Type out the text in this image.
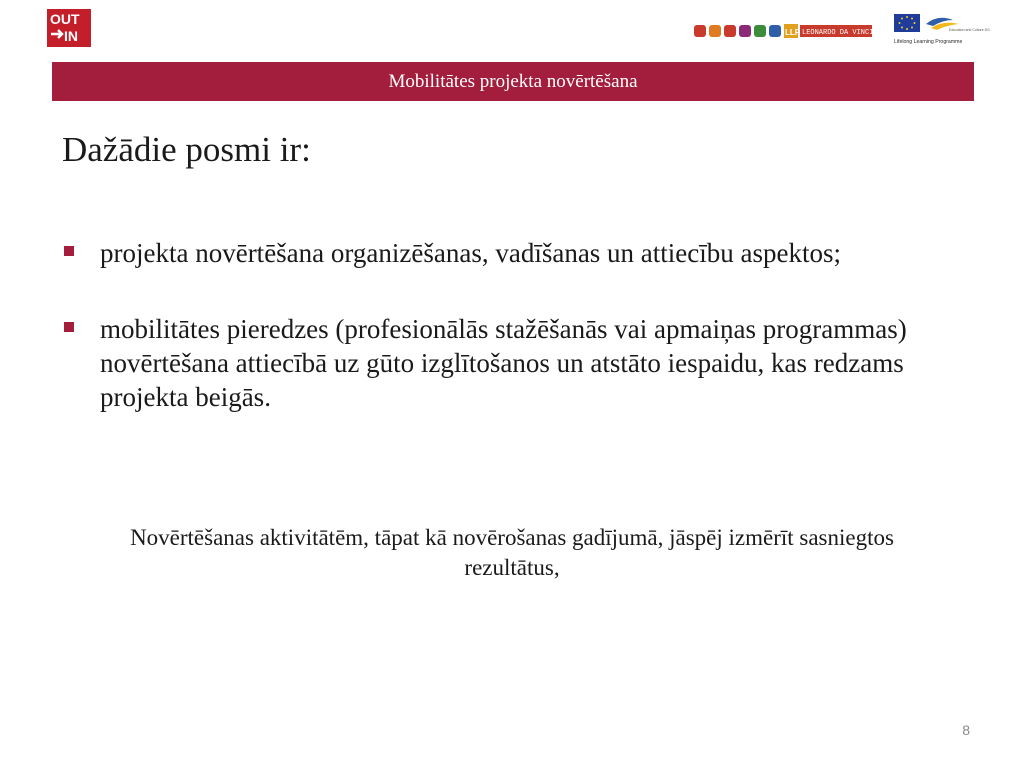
OUT
IN	LLP LEONARDO DA VINCI	Education and Culture DG
Lifelong Learning Programme
Mobilitātes projekta novērtēšana
Dažādie posmi ir:
projekta novērtēšana organizēšanas, vadīšanas un attiecību aspektos;
mobilitātes pieredzes (profesionālās stažēšanās vai apmaiņas programmas) novērtēšana attiecībā uz gūto izglītošanos un atstāto iespaidu, kas redzams projekta beigās.
Novērtēšanas aktivitātēm, tāpat kā novērošanas gadījumā, jāspēj izmērīt sasniegtos rezultātus,
8
